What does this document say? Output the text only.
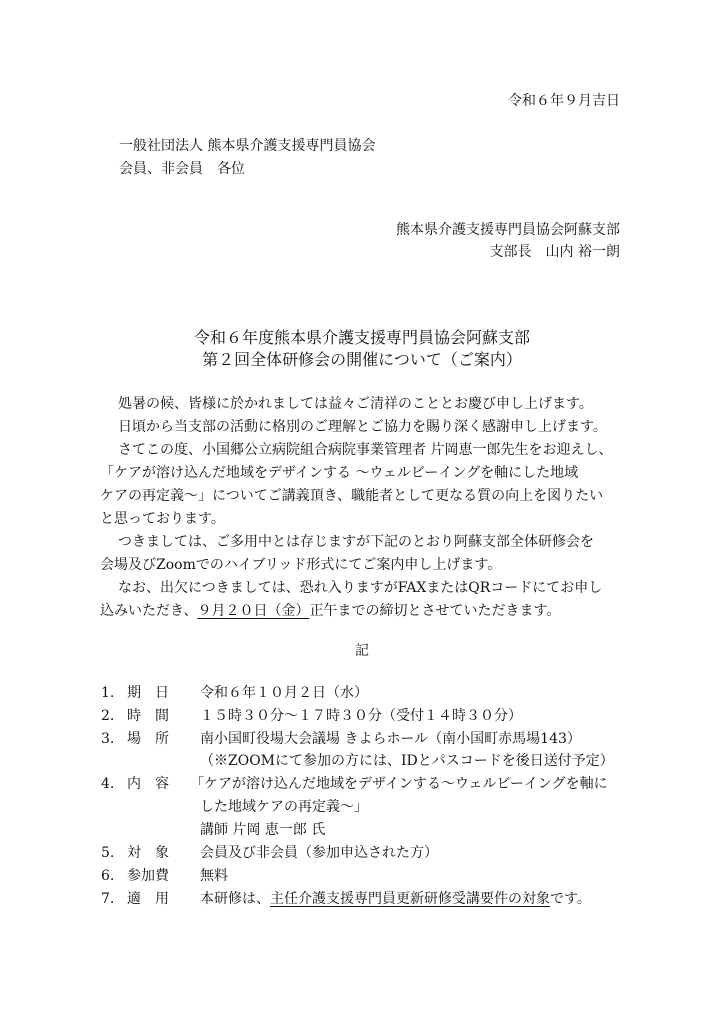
令和６年９月吉日
一般社団法人 熊本県介護支援専門員協会
会員、非会員　各位
熊本県介護支援専門員協会阿蘇支部
支部長　山内 裕一朗
令和６年度熊本県介護支援専門員協会阿蘇支部
第２回全体研修会の開催について（ご案内）
処暑の候、皆様に於かれましては益々ご清祥のこととお慶び申し上げます。
日頃から当支部の活動に格別のご理解とご協力を賜り深く感謝申し上げます。
さてこの度、小国郷公立病院組合病院事業管理者 片岡恵一郎先生をお迎えし、
「ケアが溶け込んだ地域をデザインする ～ウェルビーイングを軸にした地域
ケアの再定義～」についてご講義頂き、職能者として更なる質の向上を図りたい
と思っております。
つきましては、ご多用中とは存じますが下記のとおり阿蘇支部全体研修会を
会場及びZoomでのハイブリッド形式にてご案内申し上げます。
なお、出欠につきましては、恐れ入りますがFAXまたはQRコードにてお申し
込みいただき、９月２０日（金）正午までの締切とさせていただきます。
記
1. 期　日 令和６年１０月２日（水）
2. 時　間 １５時３０分～１７時３０分（受付１４時３０分）
3. 場　所 南小国町役場大会議場 きよらホール（南小国町赤馬場143）
（※ZOOMにて参加の方には、IDとパスコードを後日送付予定）
4. 内　容 「ケアが溶け込んだ地域をデザインする～ウェルビーイングを軸に
した地域ケアの再定義～」
講師 片岡 恵一郎 氏
5. 対　象 会員及び非会員（参加申込された方）
6. 参加費 無料
7. 適　用 本研修は、主任介護支援専門員更新研修受講要件の対象です。
